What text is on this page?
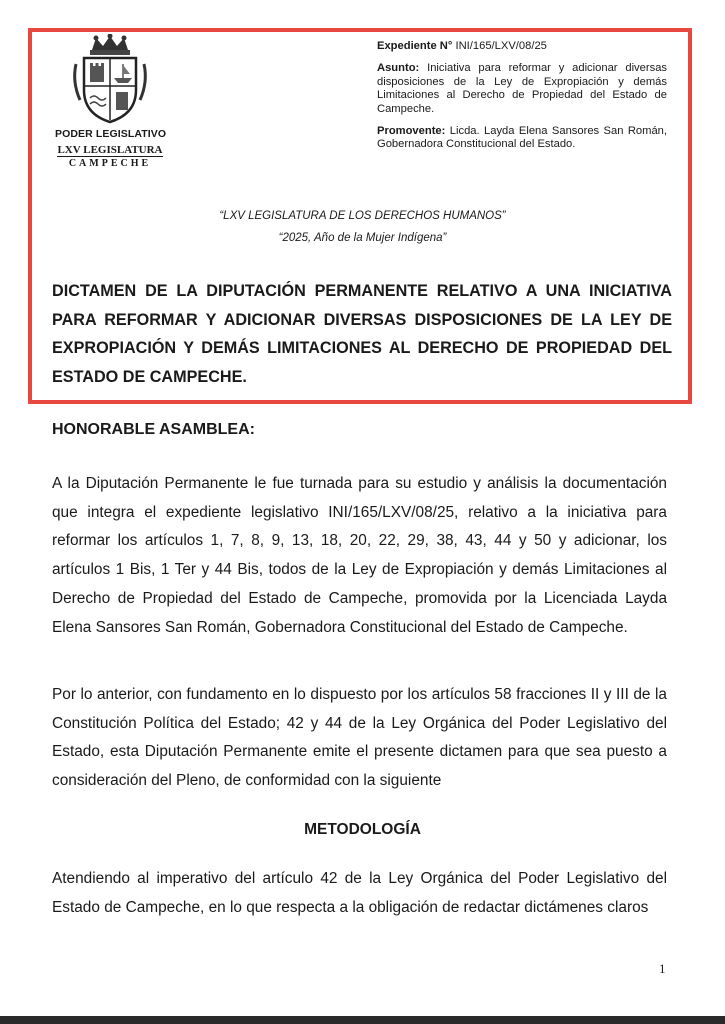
PODER LEGISLATIVO
LXV LEGISLATURA
CAMPECHE

Expediente N° INI/165/LXV/08/25

Asunto: Iniciativa para reformar y adicionar diversas disposiciones de la Ley de Expropiación y demás Limitaciones al Derecho de Propiedad del Estado de Campeche.

Promovente: Licda. Layda Elena Sansores San Román, Gobernadora Constitucional del Estado.

“LXV LEGISLATURA DE LOS DERECHOS HUMANOS”
“2025, Año de la Mujer Indígena”
DICTAMEN DE LA DIPUTACIÓN PERMANENTE RELATIVO A UNA INICIATIVA PARA REFORMAR Y ADICIONAR DIVERSAS DISPOSICIONES DE LA LEY DE EXPROPIACIÓN Y DEMÁS LIMITACIONES AL DERECHO DE PROPIEDAD DEL ESTADO DE CAMPECHE.
HONORABLE ASAMBLEA:

A la Diputación Permanente le fue turnada para su estudio y análisis la documentación que integra el expediente legislativo INI/165/LXV/08/25, relativo a la iniciativa para reformar los artículos 1, 7, 8, 9, 13, 18, 20, 22, 29, 38, 43, 44 y 50 y adicionar, los artículos 1 Bis, 1 Ter y 44 Bis, todos de la Ley de Expropiación y demás Limitaciones al Derecho de Propiedad del Estado de Campeche, promovida por la Licenciada Layda Elena Sansores San Román, Gobernadora Constitucional del Estado de Campeche.

Por lo anterior, con fundamento en lo dispuesto por los artículos 58 fracciones II y III de la Constitución Política del Estado; 42 y 44 de la Ley Orgánica del Poder Legislativo del Estado, esta Diputación Permanente emite el presente dictamen para que sea puesto a consideración del Pleno, de conformidad con la siguiente

METODOLOGÍA

Atendiendo al imperativo del artículo 42 de la Ley Orgánica del Poder Legislativo del Estado de Campeche, en lo que respecta a la obligación de redactar dictámenes claros

1
